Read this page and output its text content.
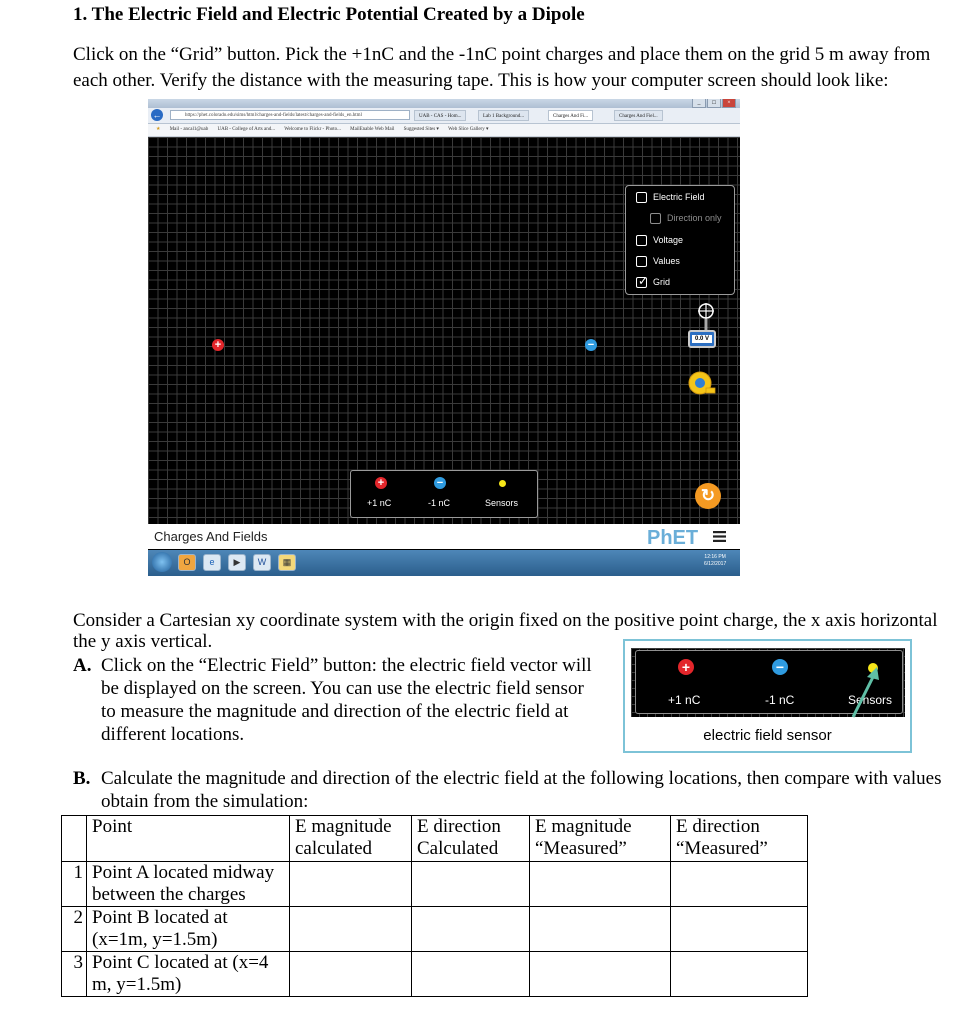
1. The Electric Field and Electric Potential Created by a Dipole
Click on the “Grid” button. Pick the +1nC and the -1nC point charges and place them on the grid 5 m away from each other. Verify the distance with the measuring tape. This is how your computer screen should look like:
_	□	×
←	https://phet.colorado.edu/sims/html/charges-and-fields/latest/charges-and-fields_en.html	UAB - CAS - Hom...	Lab 1 Background...	Charges And Fi...	Charges And Fiel...
★ Mail - ancal1@uab UAB - College of Arts and... Welcome to Flickr - Photo... MailEnable Web Mail Suggested Sites ▾ Web Slice Gallery ▾
+	−
Electric Field
Direction only
Voltage
Values
✓ Grid
0.0 V
+	−
+1 nC	-1 nC	Sensors	↻
Charges And Fields	PhET
O	e	▶	W	▦	12:16 PM
6/12/2017
Consider a Cartesian xy coordinate system with the origin fixed on the positive point charge, the x axis horizontal the y axis vertical.
A. Click on the “Electric Field” button: the electric field vector will be displayed on the screen. You can use the electric field sensor to measure the magnitude and direction of the electric field at different locations.
+	−
+1 nC	-1 nC	Sensors
electric field sensor
B. Calculate the magnitude and direction of the electric field at the following locations, then compare with values obtain from the simulation:
	Point	E magnitude calculated	E direction Calculated	E magnitude “Measured”	E direction “Measured”
1	Point A located midway between the charges				
2	Point B located at (x=1m, y=1.5m)				
3	Point C located at (x=4 m, y=1.5m)				
